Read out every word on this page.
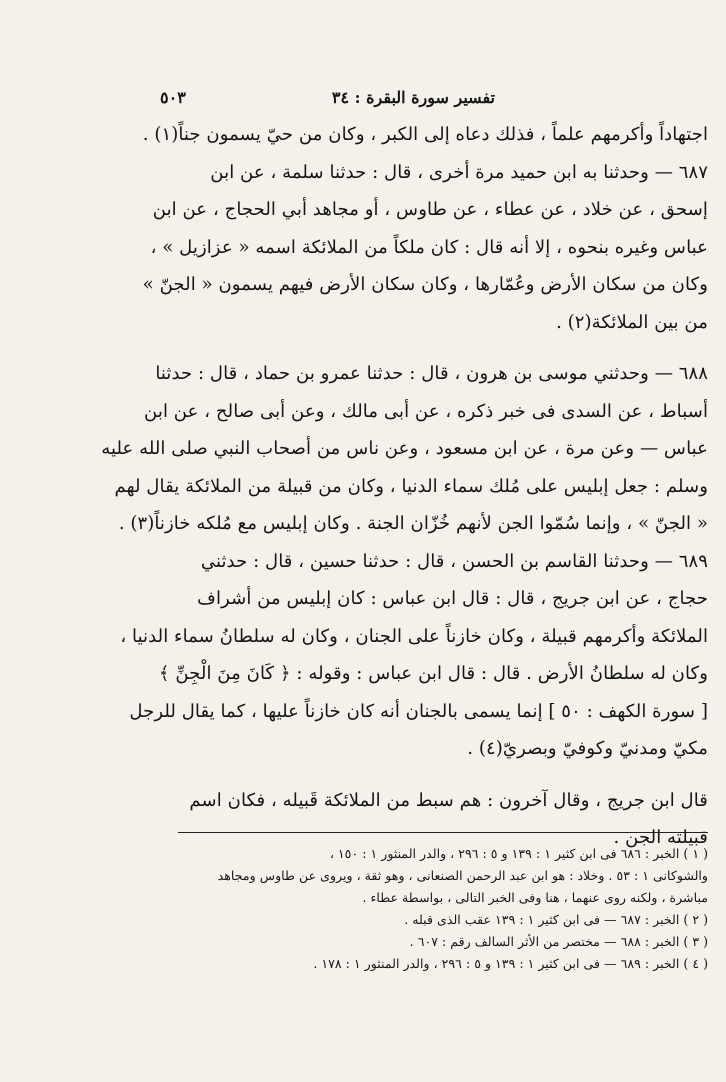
تفسير سورة البقرة : ٣٤
٥٠٣
اجتهاداً وأكرمهم علماً ، فذلك دعاه إلى الكبر ، وكان من حيّ يسمون جناً(١) .
٦٨٧ — وحدثنا به ابن حميد مرة أخرى ، قال : حدثنا سلمة ، عن ابن
إسحق ، عن خلاد ، عن عطاء ، عن طاوس ، أو مجاهد أبي الحجاج ، عن ابن
عباس وغيره بنحوه ، إلا أنه قال : كان ملكاً من الملائكة اسمه « عزازيل » ،
وكان من سكان الأرض وعُمّارها ، وكان سكان الأرض فيهم يسمون « الجنّ »
من بين الملائكة(٢) .
٦٨٨ — وحدثني موسى بن هرون ، قال : حدثنا عمرو بن حماد ، قال : حدثنا
أسباط ، عن السدى فى خبر ذكره ، عن أبى مالك ، وعن أبى صالح ، عن ابن
عباس — وعن مرة ، عن ابن مسعود ، وعن ناس من أصحاب النبي صلى الله عليه
وسلم : جعل إبليس على مُلك سماء الدنيا ، وكان من قبيلة من الملائكة يقال لهم
« الجنّ » ، وإنما سُمّوا الجن لأنهم خُزّان الجنة . وكان إبليس مع مُلكه خازناً(٣) .
٦٨٩ — وحدثنا القاسم بن الحسن ، قال : حدثنا حسين ، قال : حدثني
حجاج ، عن ابن جريج ، قال : قال ابن عباس : كان إبليس من أشراف
الملائكة وأكرمهم قبيلة ، وكان خازناً على الجنان ، وكان له سلطانُ سماء الدنيا ،
وكان له سلطانُ الأرض . قال : قال ابن عباس : وقوله : ﴿ كَانَ مِنَ الْجِنِّ ﴾
[ سورة الكهف : ٥٠ ] إنما يسمى بالجنان أنه كان خازناً عليها ، كما يقال للرجل
مكيّ ومدنيّ وكوفيّ وبصريّ(٤) .
قال ابن جريج ، وقال آخرون : هم سبط من الملائكة قَبيله ، فكان اسم
قبيلته الجن .
( ١ ) الخبر : ٦٨٦ فى ابن كثير ١ : ١٣٩ و ٥ : ٢٩٦ ، والدر المنثور ١ : ١٥٠ ،
والشوكانى ١ : ٥٣ . وخلاد : هو ابن عبد الرحمن الصنعانى ، وهو ثقة ، ويروى عن طاوس ومجاهد
مباشرة ، ولكنه روى عنهما ، هنا وفى الخبر التالى ، بواسطة عطاء .
( ٢ ) الخبر : ٦٨٧ — فى ابن كثير ١ : ١٣٩ عقب الذى قبله .
( ٣ ) الخبر : ٦٨٨ — مختصر من الأثر السالف رقم : ٦٠٧ .
( ٤ ) الخبر : ٦٨٩ — فى ابن كثير ١ : ١٣٩ و ٥ : ٢٩٦ ، والدر المنثور ١ : ١٧٨ .
